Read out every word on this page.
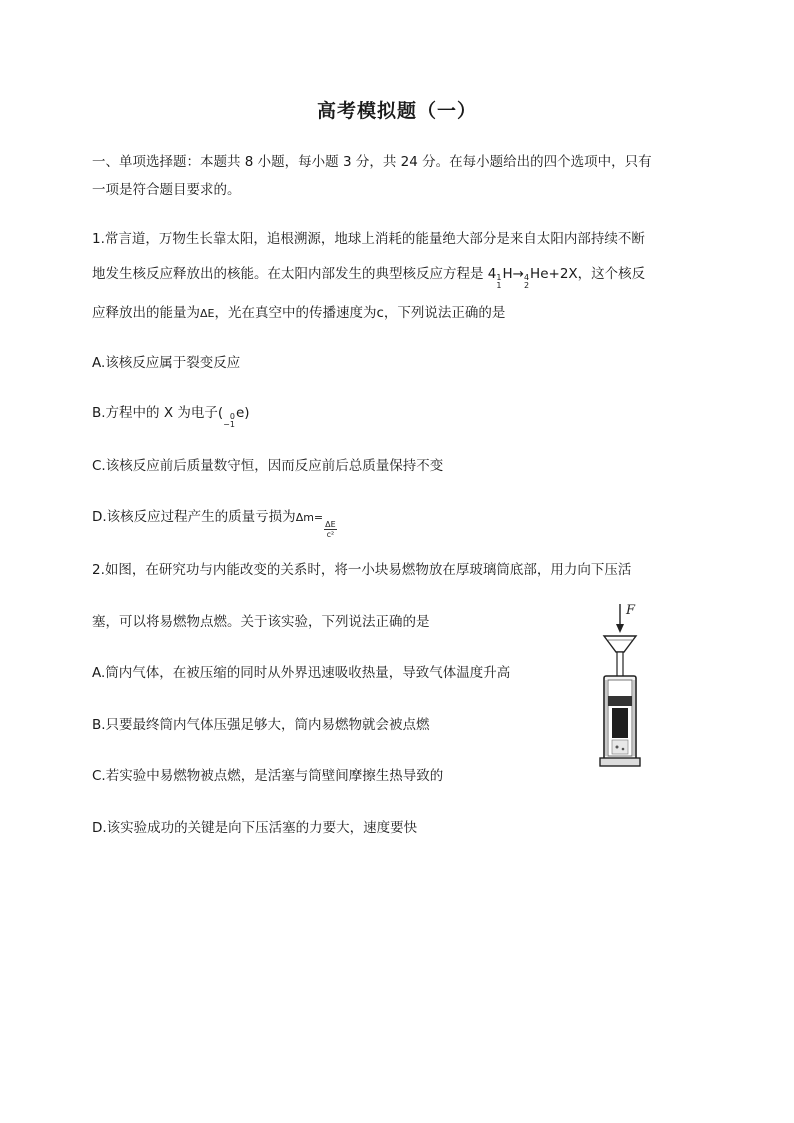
高考模拟题（一）
一、单项选择题：本题共 8 小题，每小题 3 分，共 24 分。在每小题给出的四个选项中，只有
一项是符合题目要求的。
1.常言道，万物生长靠太阳，追根溯源，地球上消耗的能量绝大部分是来自太阳内部持续不断
地发生核反应释放出的核能。在太阳内部发生的典型核反应方程是 4 1
1
H→ 4
2
He+2X，这个核反
应释放出的能量为ΔE，光在真空中的传播速度为c，下列说法正确的是
A.该核反应属于裂变反应
B.方程中的 X 为电子( 0
−1
e)
C.该核反应前后质量数守恒，因而反应前后总质量保持不变
D.该核反应过程产生的质量亏损为Δm=
$\frac{\Delta E}{\text{c²}}$
2.如图，在研究功与内能改变的关系时，将一小块易燃物放在厚玻璃筒底部，用力向下压活
塞，可以将易燃物点燃。关于该实验，下列说法正确的是
A.筒内气体，在被压缩的同时从外界迅速吸收热量，导致气体温度升高
B.只要最终筒内气体压强足够大，筒内易燃物就会被点燃
C.若实验中易燃物被点燃，是活塞与筒壁间摩擦生热导致的
D.该实验成功的关键是向下压活塞的力要大，速度要快
F
